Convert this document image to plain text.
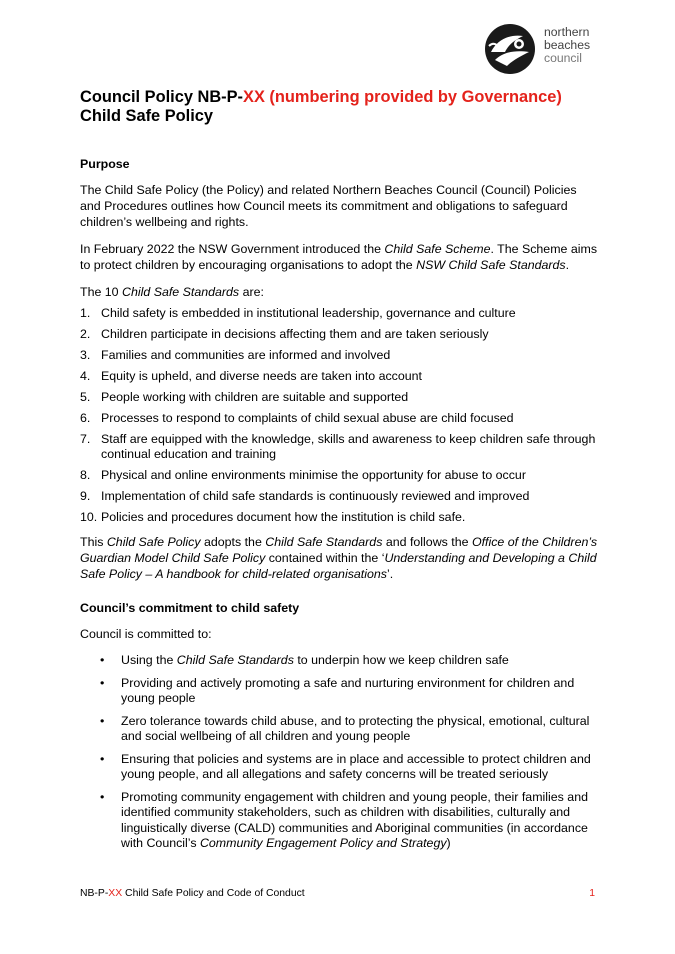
northern
beaches
council
Council Policy NB-P-XX (numbering provided by Governance)
Child Safe Policy
Purpose

The Child Safe Policy (the Policy) and related Northern Beaches Council (Council) Policies and Procedures outlines how Council meets its commitment and obligations to safeguard children’s wellbeing and rights.

In February 2022 the NSW Government introduced the Child Safe Scheme. The Scheme aims to protect children by encouraging organisations to adopt the NSW Child Safe Standards.

The 10 Child Safe Standards are:

1. Child safety is embedded in institutional leadership, governance and culture
2. Children participate in decisions affecting them and are taken seriously
3. Families and communities are informed and involved
4. Equity is upheld, and diverse needs are taken into account
5. People working with children are suitable and supported
6. Processes to respond to complaints of child sexual abuse are child focused
7. Staff are equipped with the knowledge, skills and awareness to keep children safe through continual education and training
8. Physical and online environments minimise the opportunity for abuse to occur
9. Implementation of child safe standards is continuously reviewed and improved
10. Policies and procedures document how the institution is child safe.

This Child Safe Policy adopts the Child Safe Standards and follows the Office of the Children’s Guardian Model Child Safe Policy contained within the ‘Understanding and Developing a Child Safe Policy – A handbook for child-related organisations’.

Council’s commitment to child safety

Council is committed to:

• Using the Child Safe Standards to underpin how we keep children safe
• Providing and actively promoting a safe and nurturing environment for children and young people
• Zero tolerance towards child abuse, and to protecting the physical, emotional, cultural and social wellbeing of all children and young people
• Ensuring that policies and systems are in place and accessible to protect children and young people, and all allegations and safety concerns will be treated seriously
• Promoting community engagement with children and young people, their families and identified community stakeholders, such as children with disabilities, culturally and linguistically diverse (CALD) communities and Aboriginal communities (in accordance with Council’s Community Engagement Policy and Strategy)
NB-P-XX Child Safe Policy and Code of Conduct	1
